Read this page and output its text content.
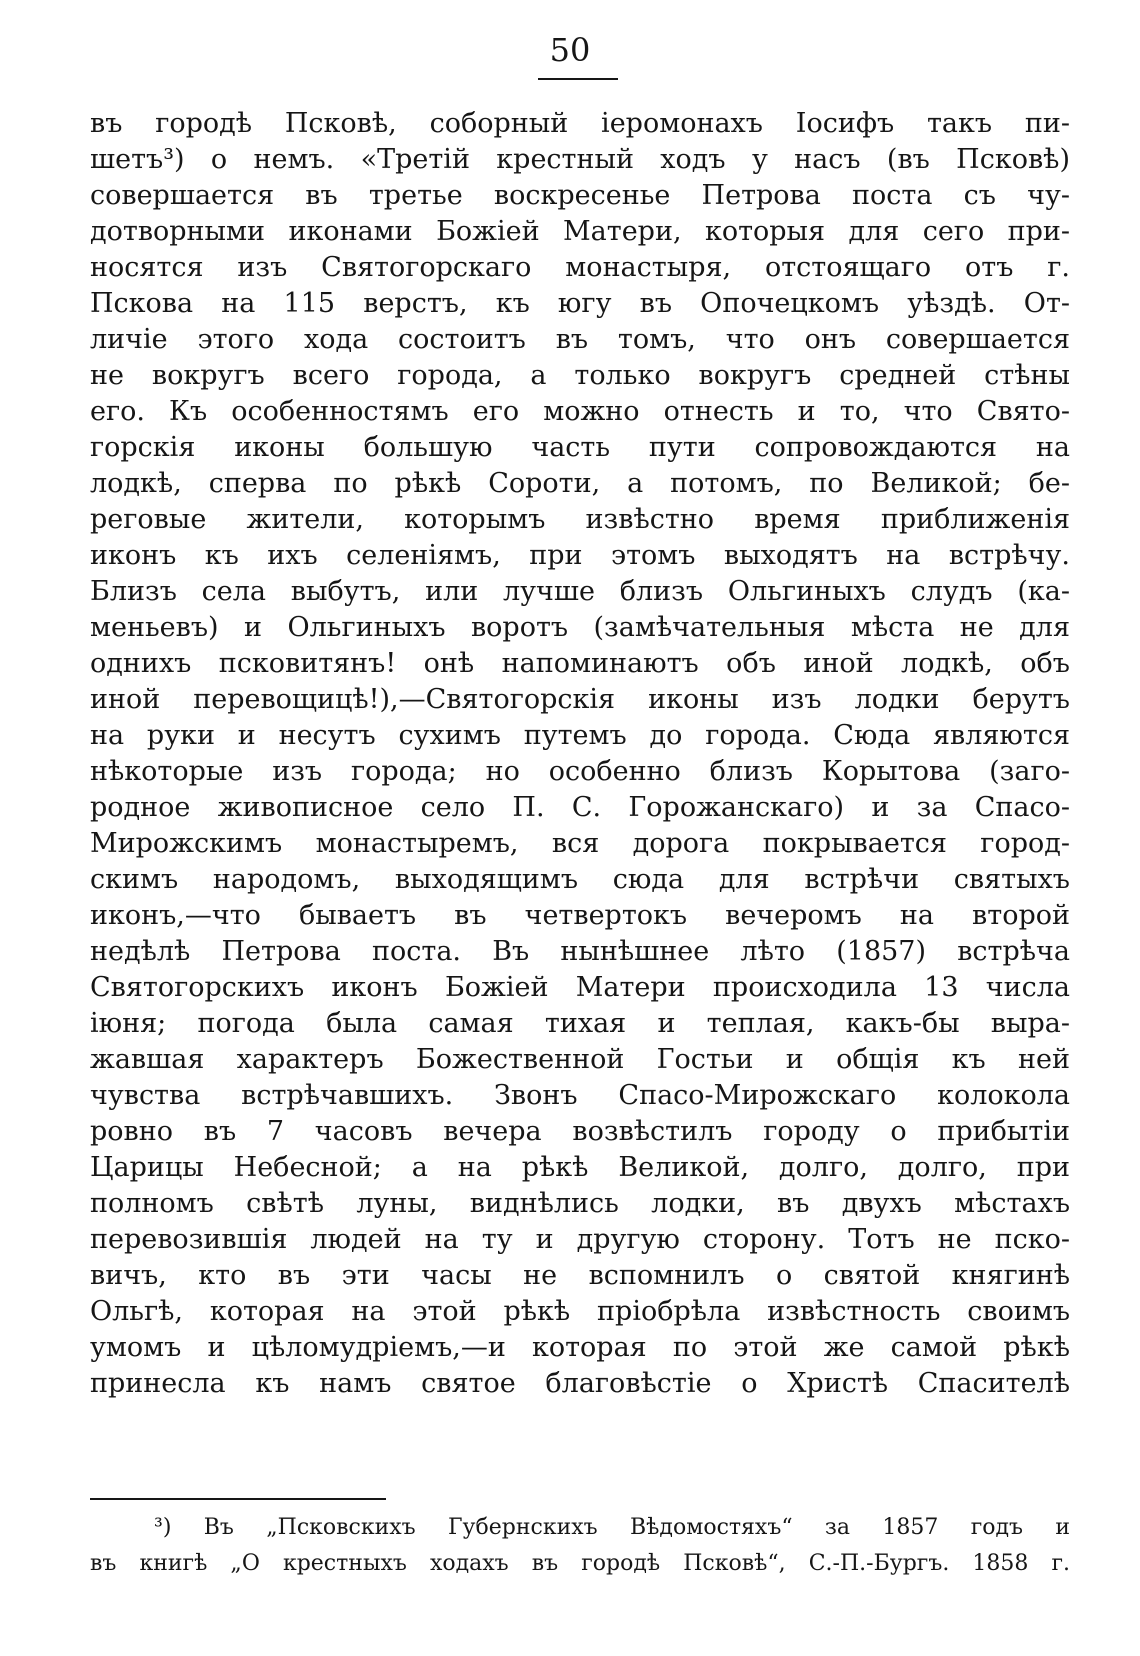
50
въ городѣ Псковѣ, соборный іеромонахъ Іосифъ такъ пи-
шетъ³) о немъ. «Третій крестный ходъ у насъ (въ Псковѣ)
совершается въ третье воскресенье Петрова поста съ чу-
дотворными иконами Божіей Матери, которыя для сего при-
носятся изъ Святогорскаго монастыря, отстоящаго отъ г.
Пскова на 115 верстъ, къ югу въ Опочецкомъ уѣздѣ. От-
личіе этого хода состоитъ въ томъ, что онъ совершается
не вокругъ всего города, а только вокругъ средней стѣны
его. Къ особенностямъ его можно отнесть и то, что Свято-
горскія иконы большую часть пути сопровождаются на
лодкѣ, сперва по рѣкѣ Сороти, а потомъ, по Великой; бе-
реговые жители, которымъ извѣстно время приближенія
иконъ къ ихъ селеніямъ, при этомъ выходятъ на встрѣчу.
Близъ села выбутъ, или лучше близъ Ольгиныхъ слудъ (ка-
меньевъ) и Ольгиныхъ воротъ (замѣчательныя мѣста не для
однихъ псковитянъ! онѣ напоминаютъ объ иной лодкѣ, объ
иной перевощицѣ!),—Святогорскія иконы изъ лодки берутъ
на руки и несутъ сухимъ путемъ до города. Сюда являются
нѣкоторые изъ города; но особенно близъ Корытова (заго-
родное живописное село П. С. Горожанскаго) и за Спасо-
Мирожскимъ монастыремъ, вся дорога покрывается город-
скимъ народомъ, выходящимъ сюда для встрѣчи святыхъ
иконъ,—что бываетъ въ четвертокъ вечеромъ на второй
недѣлѣ Петрова поста. Въ нынѣшнее лѣто (1857) встрѣча
Святогорскихъ иконъ Божіей Матери происходила 13 числа
іюня; погода была самая тихая и теплая, какъ-бы выра-
жавшая характеръ Божественной Гостьи и общія къ ней
чувства встрѣчавшихъ. Звонъ Спасо-Мирожскаго колокола
ровно въ 7 часовъ вечера возвѣстилъ городу о прибытіи
Царицы Небесной; а на рѣкѣ Великой, долго, долго, при
полномъ свѣтѣ луны, виднѣлись лодки, въ двухъ мѣстахъ
перевозившія людей на ту и другую сторону. Тотъ не пско-
вичъ, кто въ эти часы не вспомнилъ о святой княгинѣ
Ольгѣ, которая на этой рѣкѣ пріобрѣла извѣстность своимъ
умомъ и цѣломудріемъ,—и которая по этой же самой рѣкѣ
принесла къ намъ святое благовѣстіе о Христѣ Спасителѣ
³) Въ „Псковскихъ Губернскихъ Вѣдомостяхъ“ за 1857 годъ и
въ книгѣ „О крестныхъ ходахъ въ городѣ Псковѣ“, С.-П.-Бургъ. 1858 г.
